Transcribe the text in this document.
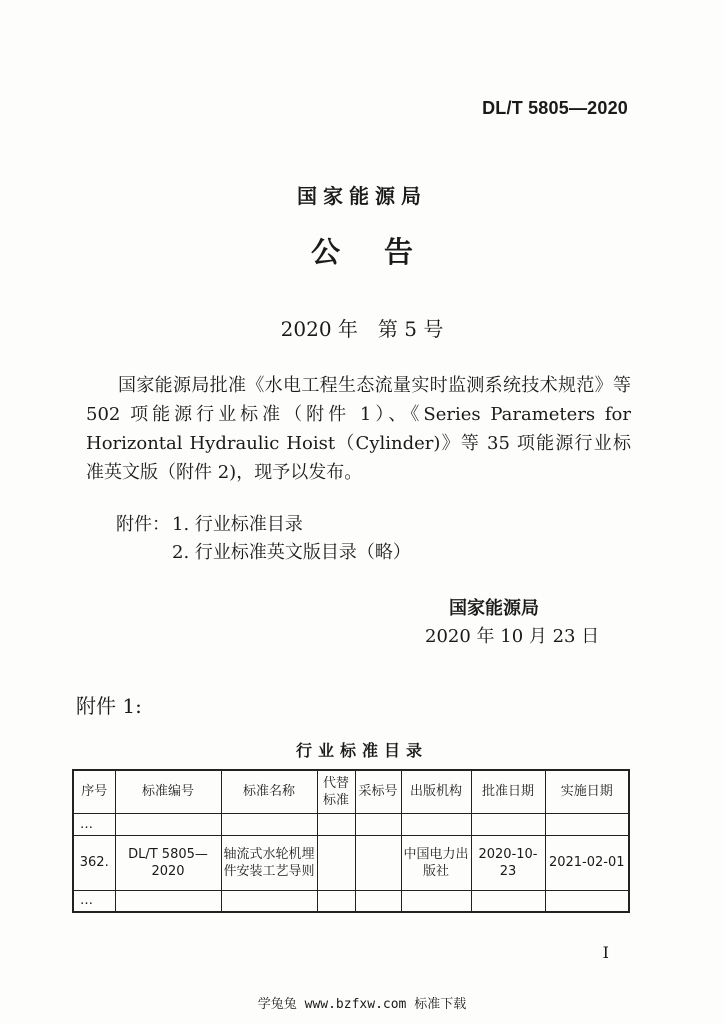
DL/T 5805—2020
国家能源局
公告
2020 年　第 5 号
国家能源局批准《水电工程生态流量实时监测系统技术规范》等 502 项能源行业标准（附件 1）、《Series Parameters for Horizontal Hydraulic Hoist（Cylinder)》等 35 项能源行业标准英文版（附件 2)，现予以发布。
附件： 1. 行业标准目录
2. 行业标准英文版目录（略）
国家能源局
2020 年 10 月 23 日
附件 1:
行业标准目录
序号	标准编号	标准名称	代替标准	采标号	出版机构	批准日期	实施日期
…							
362.	DL/T 5805—2020	轴流式水轮机埋件安装工艺导则			中国电力出版社	2020-10-23	2021-02-01
…							
I
学兔兔 www.bzfxw.com 标准下载
